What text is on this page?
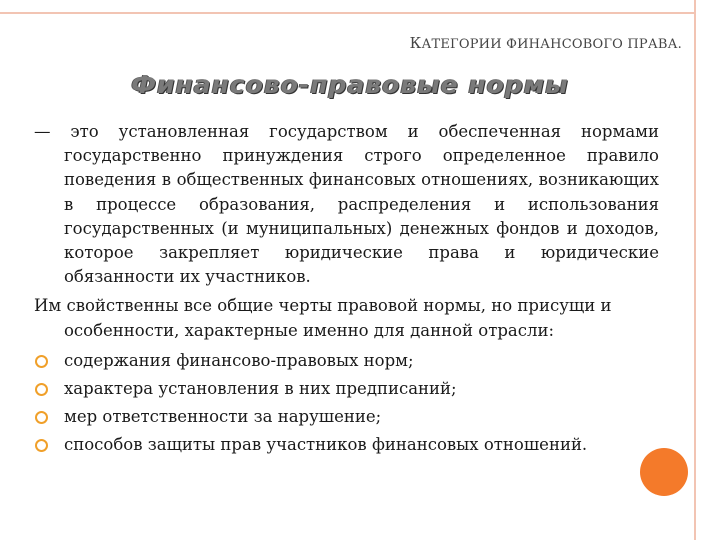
КАТЕГОРИИ ФИНАНСОВОГО ПРАВА.
Финансово-правовые нормы

— это установленная государством и обеспеченная нормами государственно принуждения строго определенное правило поведения в общественных финансовых отношениях, возникающих в процессе образования, распределения и использования государственных (и муниципальных) денежных фондов и доходов, которое закрепляет юридические права и юридические обязанности их участников.

Им свойственны все общие черты правовой нормы, но присущи и особенности, характерные именно для данной отрасли:

содержания финансово-правовых норм;
характера установления в них предписаний;
мер ответственности за нарушение;
способов защиты прав участников финансовых отношений.
